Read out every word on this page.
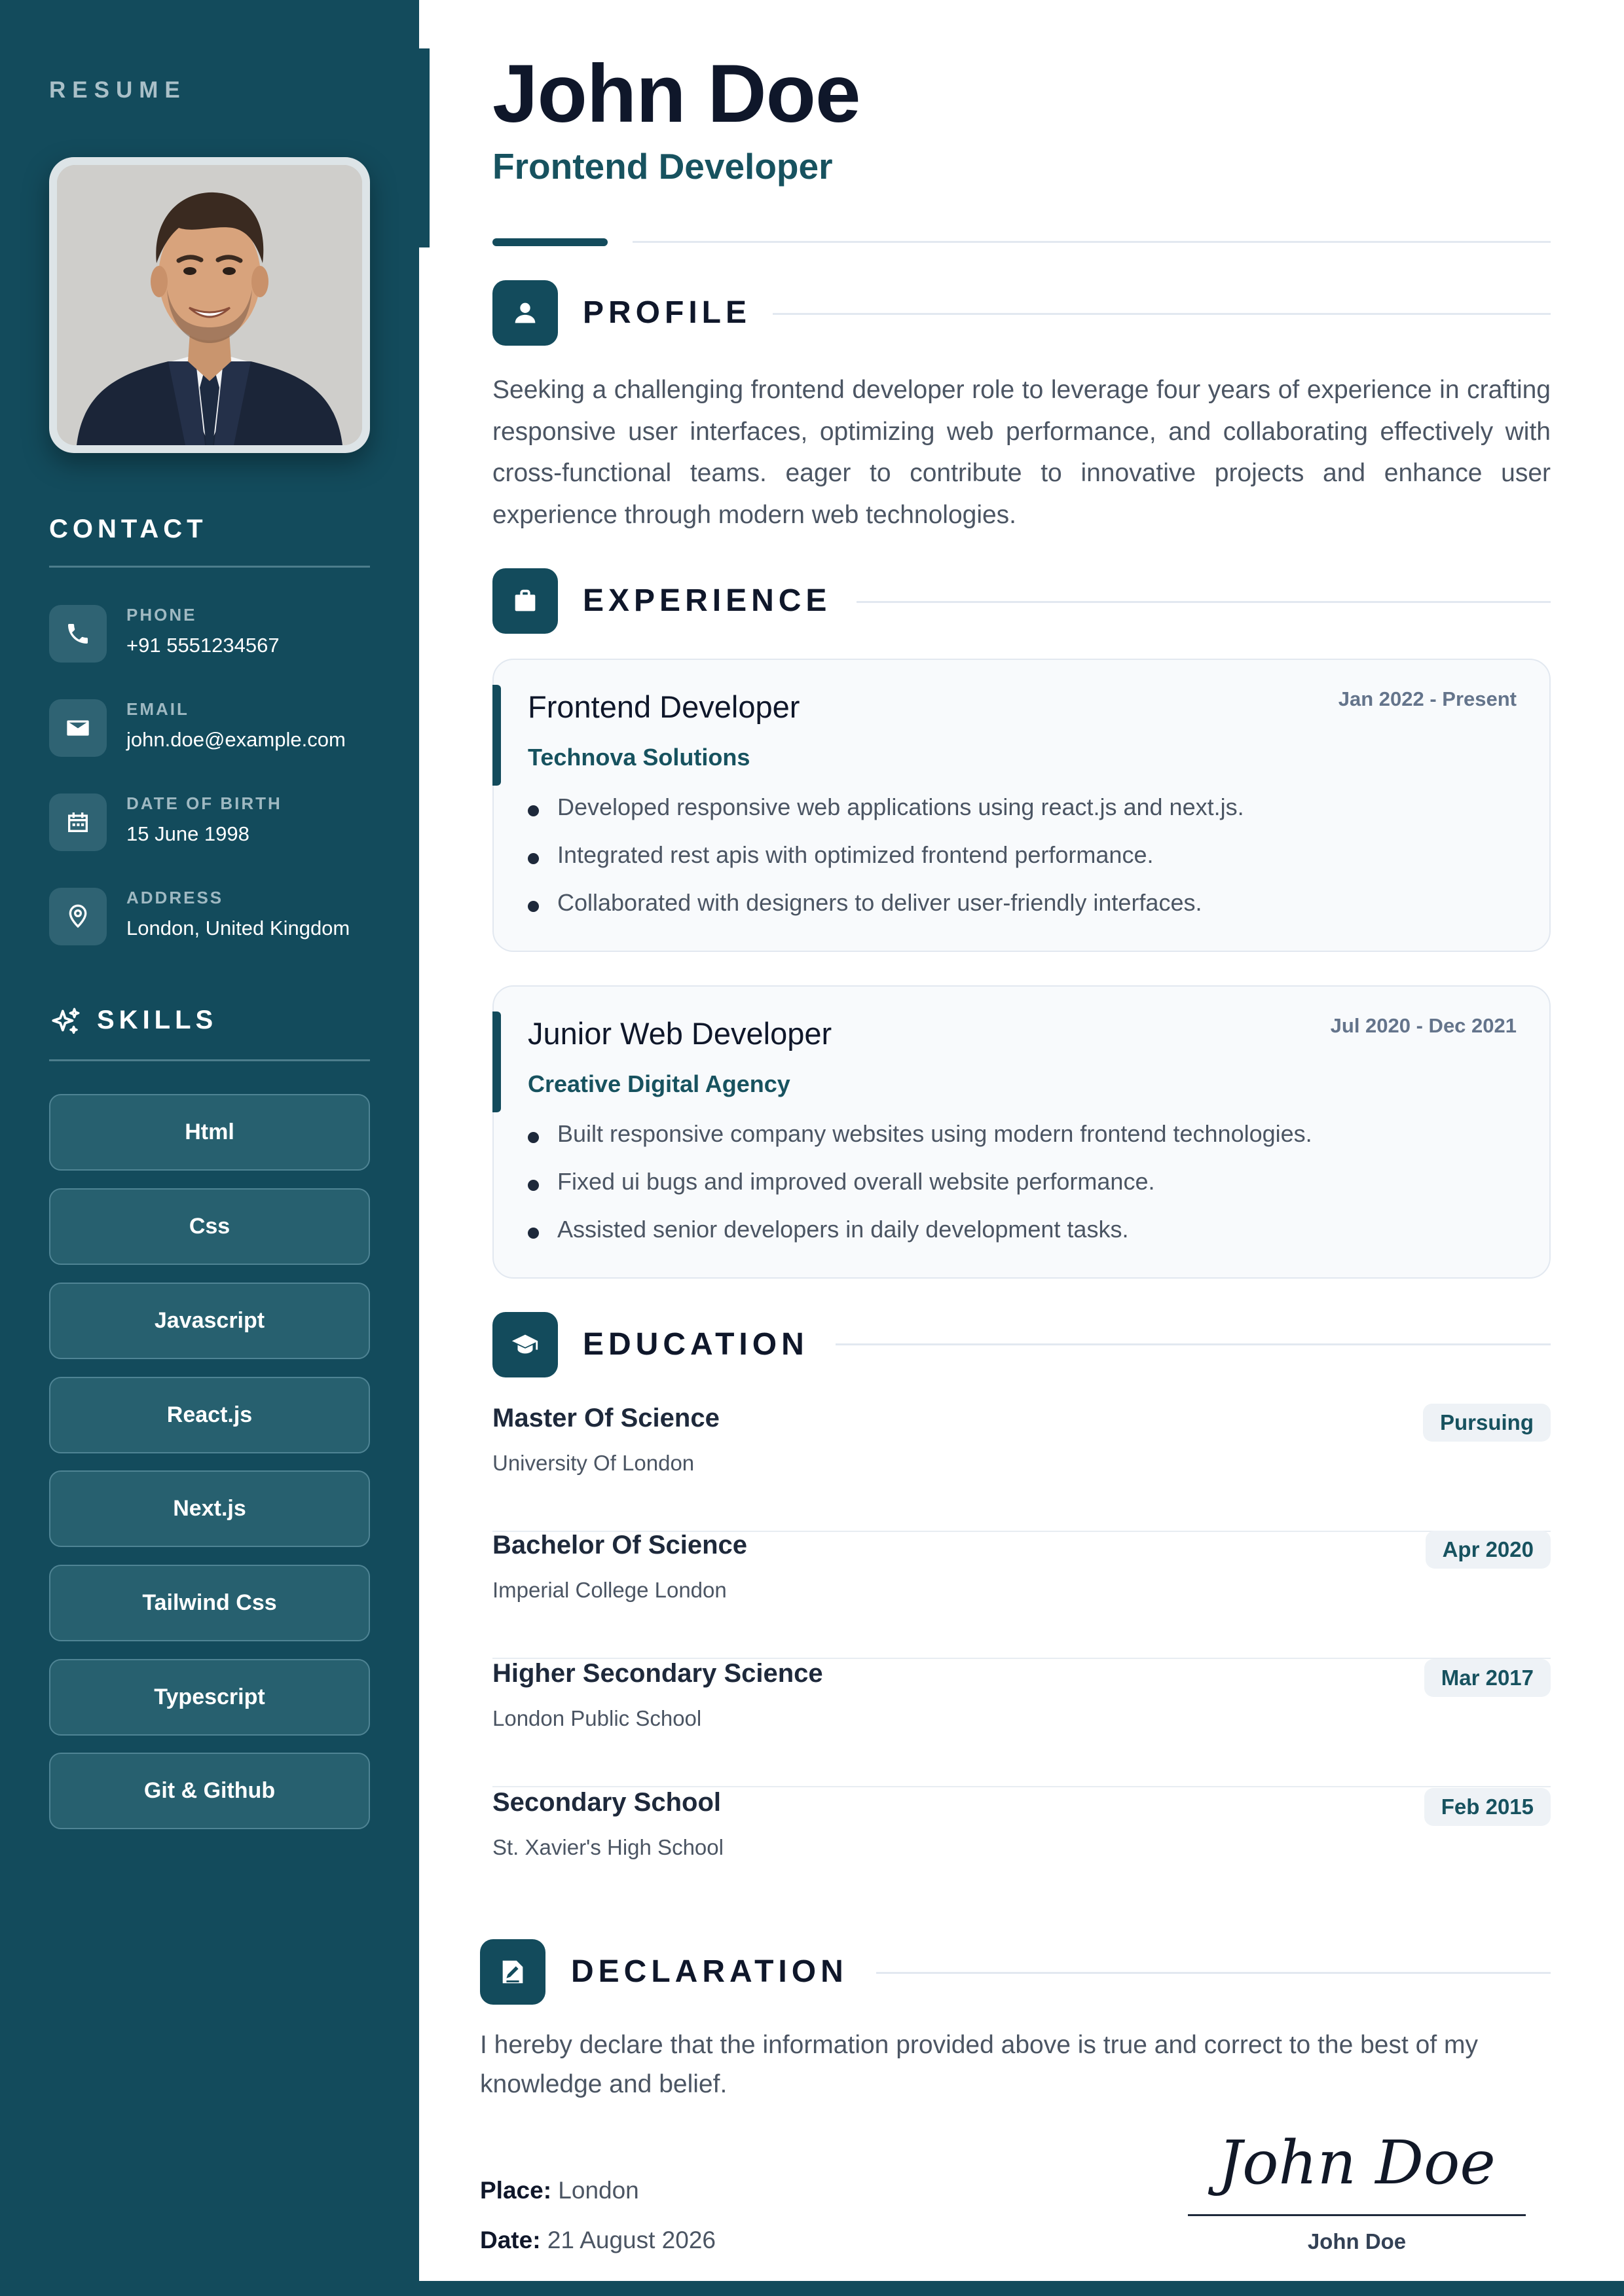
RESUME
CONTACT
PHONE
+91 5551234567
EMAIL
john.doe@example.com
DATE OF BIRTH
15 June 1998
ADDRESS
London, United Kingdom
SKILLS
Html
Css
Javascript
React.js
Next.js
Tailwind Css
Typescript
Git & Github
John Doe
Frontend Developer
PROFILE
Seeking a challenging frontend developer role to leverage four years of experience in crafting responsive user interfaces, optimizing web performance, and collaborating effectively with cross-functional teams. eager to contribute to innovative projects and enhance user experience through modern web technologies.
EXPERIENCE
Frontend Developer	Jan 2022 - Present
Technova Solutions
Developed responsive web applications using react.js and next.js.
Integrated rest apis with optimized frontend performance.
Collaborated with designers to deliver user-friendly interfaces.
Junior Web Developer	Jul 2020 - Dec 2021
Creative Digital Agency
Built responsive company websites using modern frontend technologies.
Fixed ui bugs and improved overall website performance.
Assisted senior developers in daily development tasks.
EDUCATION
Master Of Science
University Of London
Pursuing
Bachelor Of Science
Imperial College London
Apr 2020
Higher Secondary Science
London Public School
Mar 2017
Secondary School
St. Xavier's High School
Feb 2015
DECLARATION
I hereby declare that the information provided above is true and correct to the best of my knowledge and belief.
Place: London
Date: 21 August 2026
John Doe
John Doe
